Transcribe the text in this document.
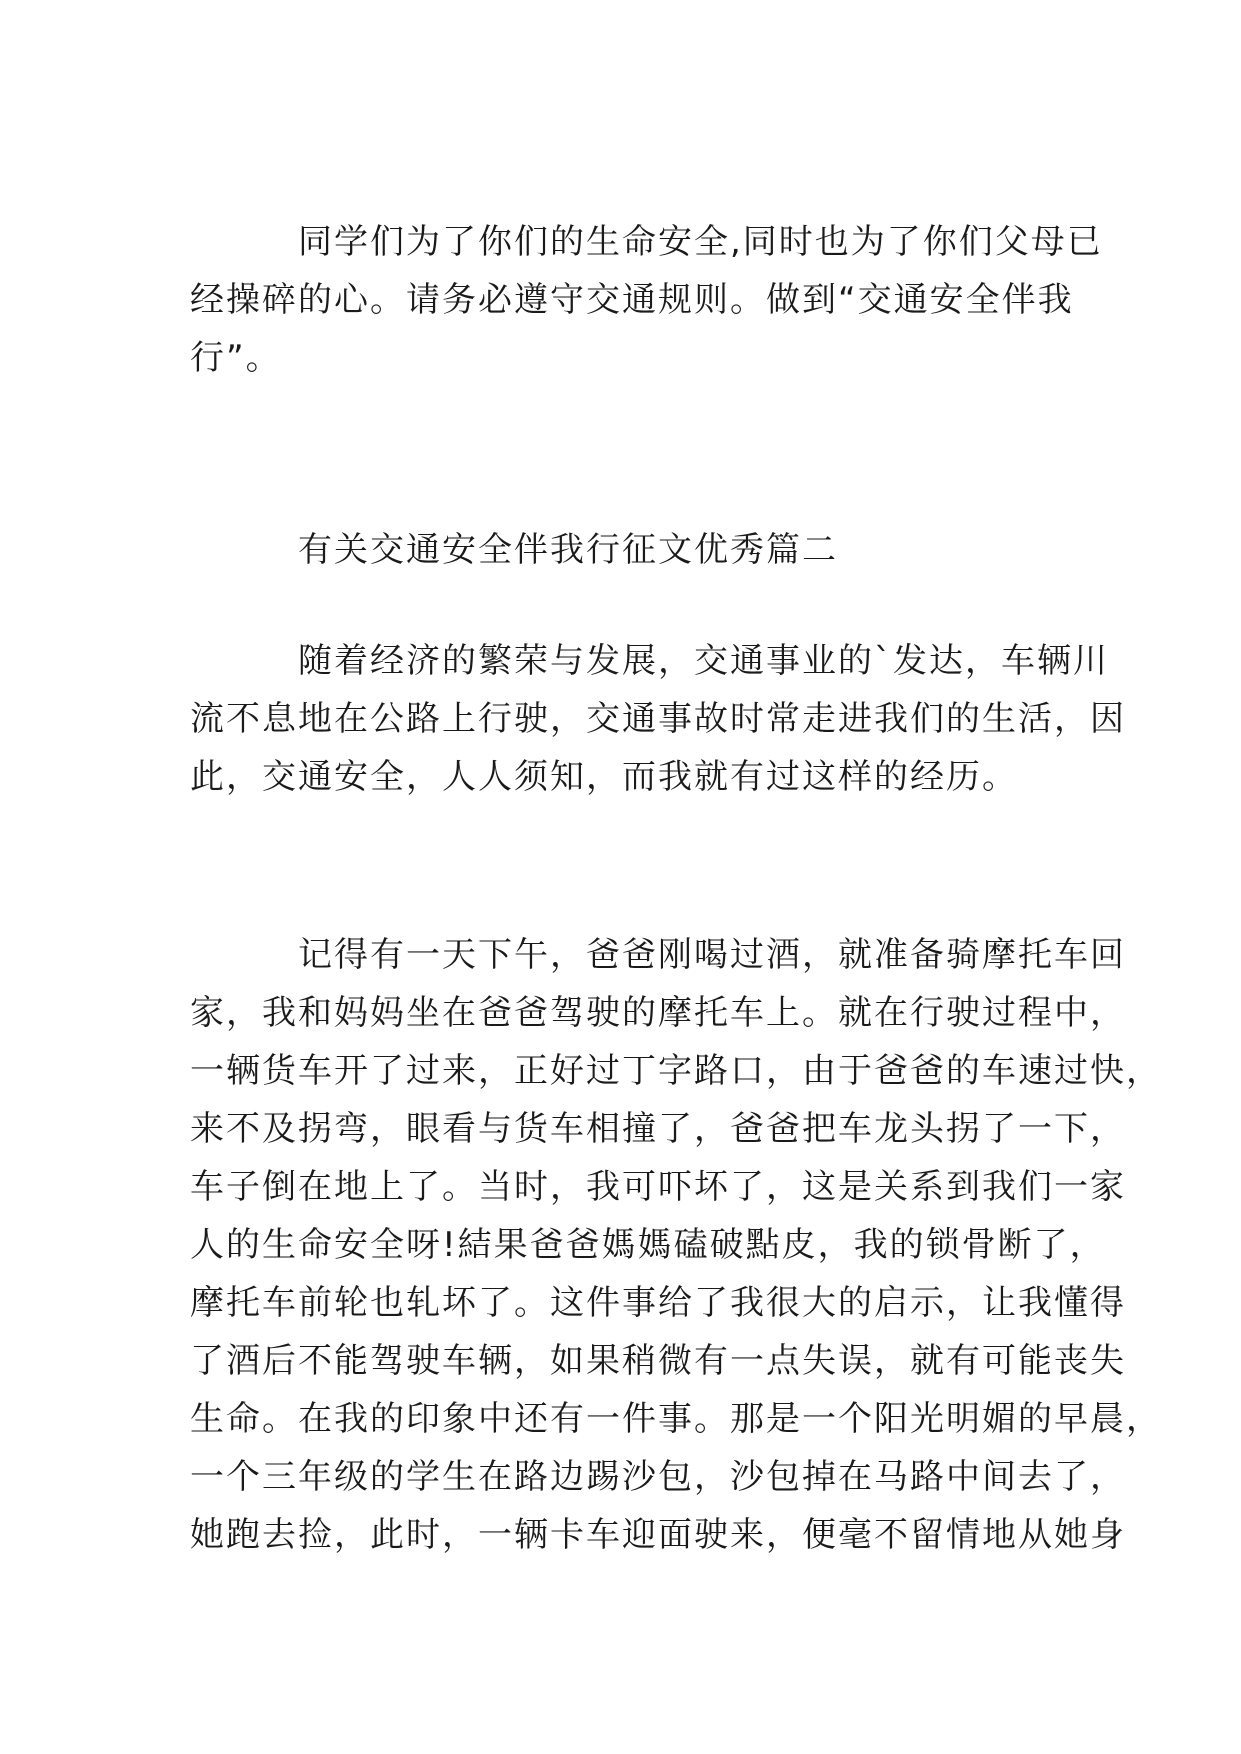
同学们为了你们的生命安全,同时也为了你们父母已
经操碎的心。请务必遵守交通规则。做到“交通安全伴我
行”。
有关交通安全伴我行征文优秀篇二
随着经济的繁荣与发展，交通事业的`发达，车辆川
流不息地在公路上行驶，交通事故时常走进我们的生活，因
此，交通安全，人人须知，而我就有过这样的经历。
记得有一天下午，爸爸刚喝过酒，就准备骑摩托车回
家，我和妈妈坐在爸爸驾驶的摩托车上。就在行驶过程中，
一辆货车开了过来，正好过丁字路口，由于爸爸的车速过快，
来不及拐弯，眼看与货车相撞了，爸爸把车龙头拐了一下，
车子倒在地上了。当时，我可吓坏了，这是关系到我们一家
人的生命安全呀!結果爸爸媽媽磕破點皮，我的锁骨断了，
摩托车前轮也轧坏了。这件事给了我很大的启示，让我懂得
了酒后不能驾驶车辆，如果稍微有一点失误，就有可能丧失
生命。在我的印象中还有一件事。那是一个阳光明媚的早晨，
一个三年级的学生在路边踢沙包，沙包掉在马路中间去了，
她跑去捡，此时，一辆卡车迎面驶来，便毫不留情地从她身
